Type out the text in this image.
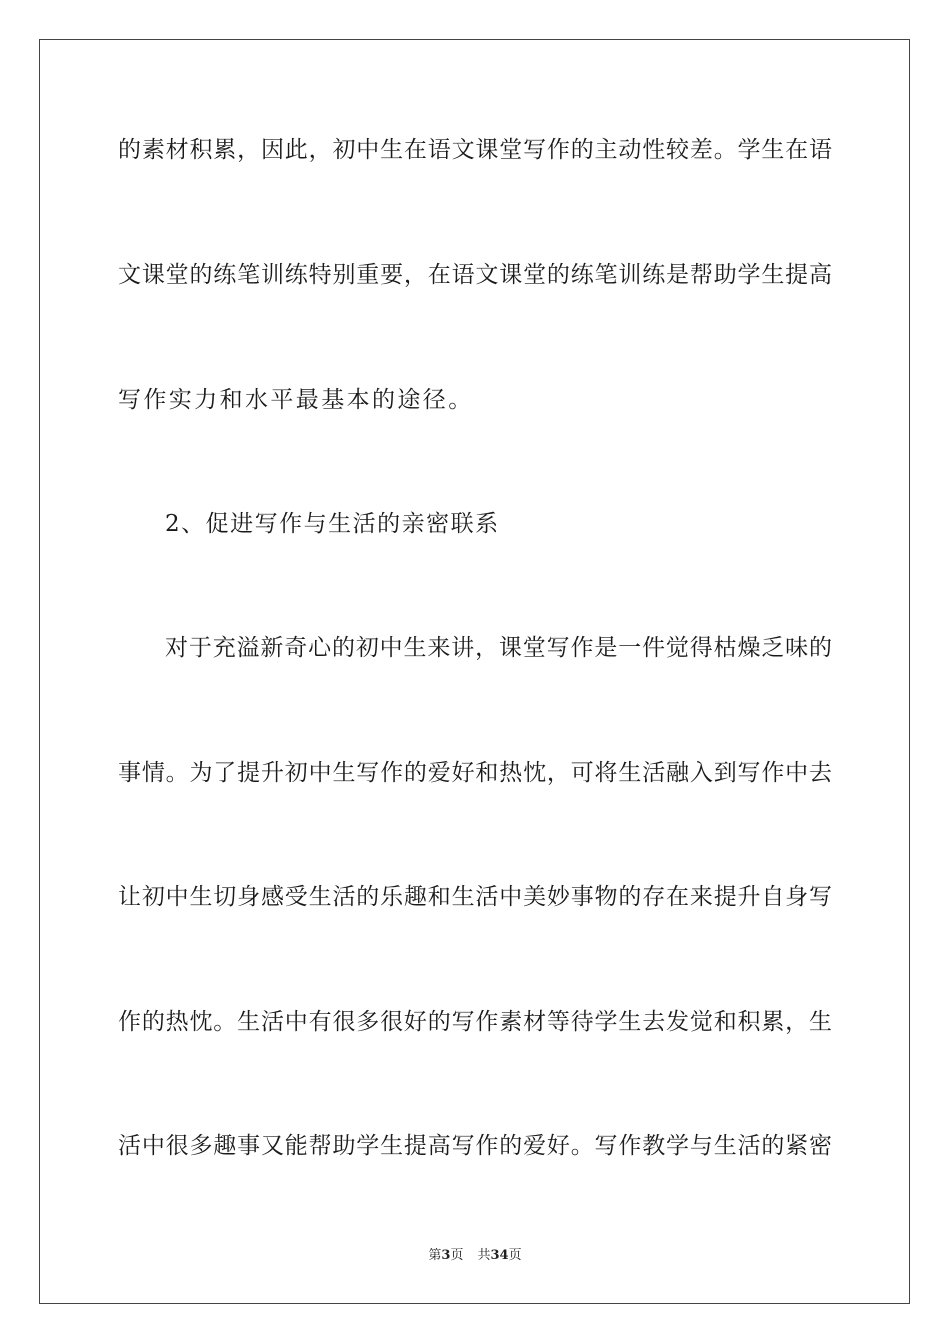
的素材积累，因此，初中生在语文课堂写作的主动性较差。学生在语
文课堂的练笔训练特别重要，在语文课堂的练笔训练是帮助学生提高
写作实力和水平最基本的途径。
2、促进写作与生活的亲密联系
对于充溢新奇心的初中生来讲，课堂写作是一件觉得枯燥乏味的
事情。为了提升初中生写作的爱好和热忱，可将生活融入到写作中去
让初中生切身感受生活的乐趣和生活中美妙事物的存在来提升自身写
作的热忱。生活中有很多很好的写作素材等待学生去发觉和积累，生
活中很多趣事又能帮助学生提高写作的爱好。写作教学与生活的紧密
第3页 共34页
